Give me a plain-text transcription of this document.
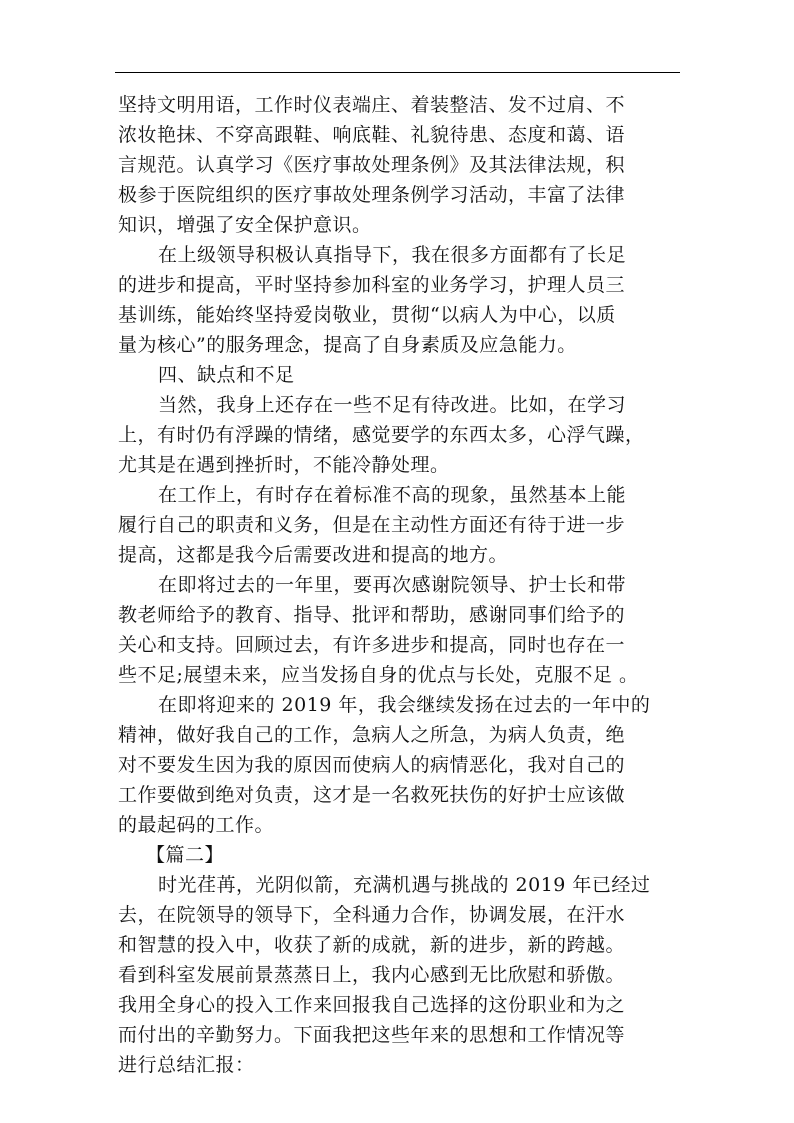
坚持文明用语，工作时仪表端庄、着装整洁、发不过肩、不
浓妆艳抹、不穿高跟鞋、响底鞋、礼貌待患、态度和蔼、语
言规范。认真学习《医疗事故处理条例》及其法律法规，积
极参于医院组织的医疗事故处理条例学习活动，丰富了法律
知识，增强了安全保护意识。
在上级领导积极认真指导下，我在很多方面都有了长足
的进步和提高，平时坚持参加科室的业务学习，护理人员三
基训练，能始终坚持爱岗敬业，贯彻“以病人为中心，以质
量为核心”的服务理念，提高了自身素质及应急能力。
四、缺点和不足
当然，我身上还存在一些不足有待改进。比如，在学习
上，有时仍有浮躁的情绪，感觉要学的东西太多，心浮气躁，
尤其是在遇到挫折时，不能冷静处理。
在工作上，有时存在着标准不高的现象，虽然基本上能
履行自己的职责和义务，但是在主动性方面还有待于进一步
提高，这都是我今后需要改进和提高的地方。
在即将过去的一年里，要再次感谢院领导、护士长和带
教老师给予的教育、指导、批评和帮助，感谢同事们给予的
关心和支持。回顾过去，有许多进步和提高，同时也存在一
些不足;展望未来，应当发扬自身的优点与长处，克服不足 。
在即将迎来的 2019 年，我会继续发扬在过去的一年中的
精神，做好我自己的工作，急病人之所急，为病人负责，绝
对不要发生因为我的原因而使病人的病情恶化，我对自己的
工作要做到绝对负责，这才是一名救死扶伤的好护士应该做
的最起码的工作。
【篇二】
时光荏苒，光阴似箭，充满机遇与挑战的 2019 年已经过
去，在院领导的领导下，全科通力合作，协调发展，在汗水
和智慧的投入中，收获了新的成就，新的进步，新的跨越。
看到科室发展前景蒸蒸日上，我内心感到无比欣慰和骄傲。
我用全身心的投入工作来回报我自己选择的这份职业和为之
而付出的辛勤努力。下面我把这些年来的思想和工作情况等
进行总结汇报：
